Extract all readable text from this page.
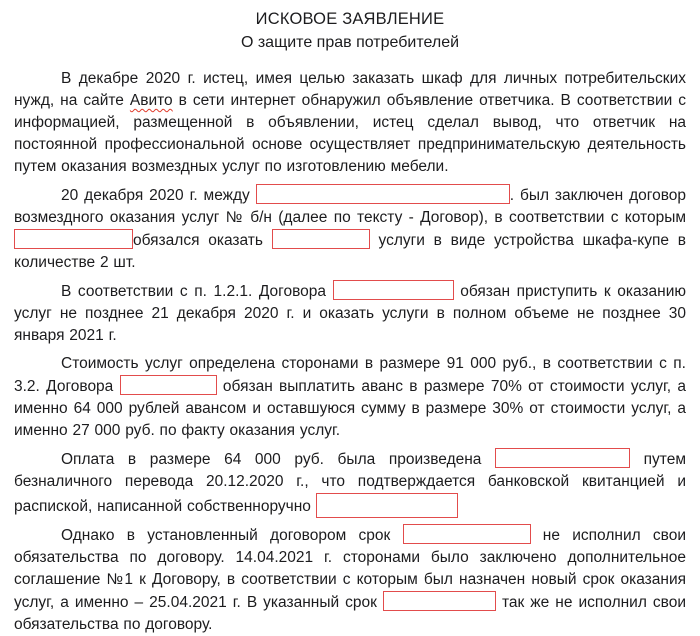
ИСКОВОЕ ЗАЯВЛЕНИЕ
О защите прав потребителей

В декабре 2020 г. истец, имея целью заказать шкаф для личных потребительских нужд, на сайте Авито в сети интернет обнаружил объявление ответчика. В соответствии с информацией, размещенной в объявлении, истец сделал вывод, что ответчик на постоянной профессиональной основе осуществляет предпринимательскую деятельность путем оказания возмездных услуг по изготовлению мебели.

20 декабря 2020 г. между	. был заключен договор возмездного оказания услуг № б/н (далее по тексту - Договор), в соответствии с которым обязался оказать	услуги в виде устройства шкафа-купе в количестве 2 шт.

В соответствии с п. 1.2.1. Договора	обязан приступить к оказанию услуг не позднее 21 декабря 2020 г. и оказать услуги в полном объеме не позднее 30 января 2021 г.

Стоимость услуг определена сторонами в размере 91 000 руб., в соответствии с п. 3.2. Договора	обязан выплатить аванс в размере 70% от стоимости услуг, а именно 64 000 рублей авансом и оставшуюся сумму в размере 30% от стоимости услуг, а именно 27 000 руб. по факту оказания услуг.

Оплата в размере 64 000 руб. была произведена	путем безналичного перевода 20.12.2020 г., что подтверждается банковской квитанцией и распиской, написанной собственноручно

Однако в установленный договором срок	не исполнил свои обязательства по договору. 14.04.2021 г. сторонами было заключено дополнительное соглашение №1 к Договору, в соответствии с которым был назначен новый срок оказания услуг, а именно – 25.04.2021 г. В указанный срок	так же не исполнил свои обязательства по договору.
